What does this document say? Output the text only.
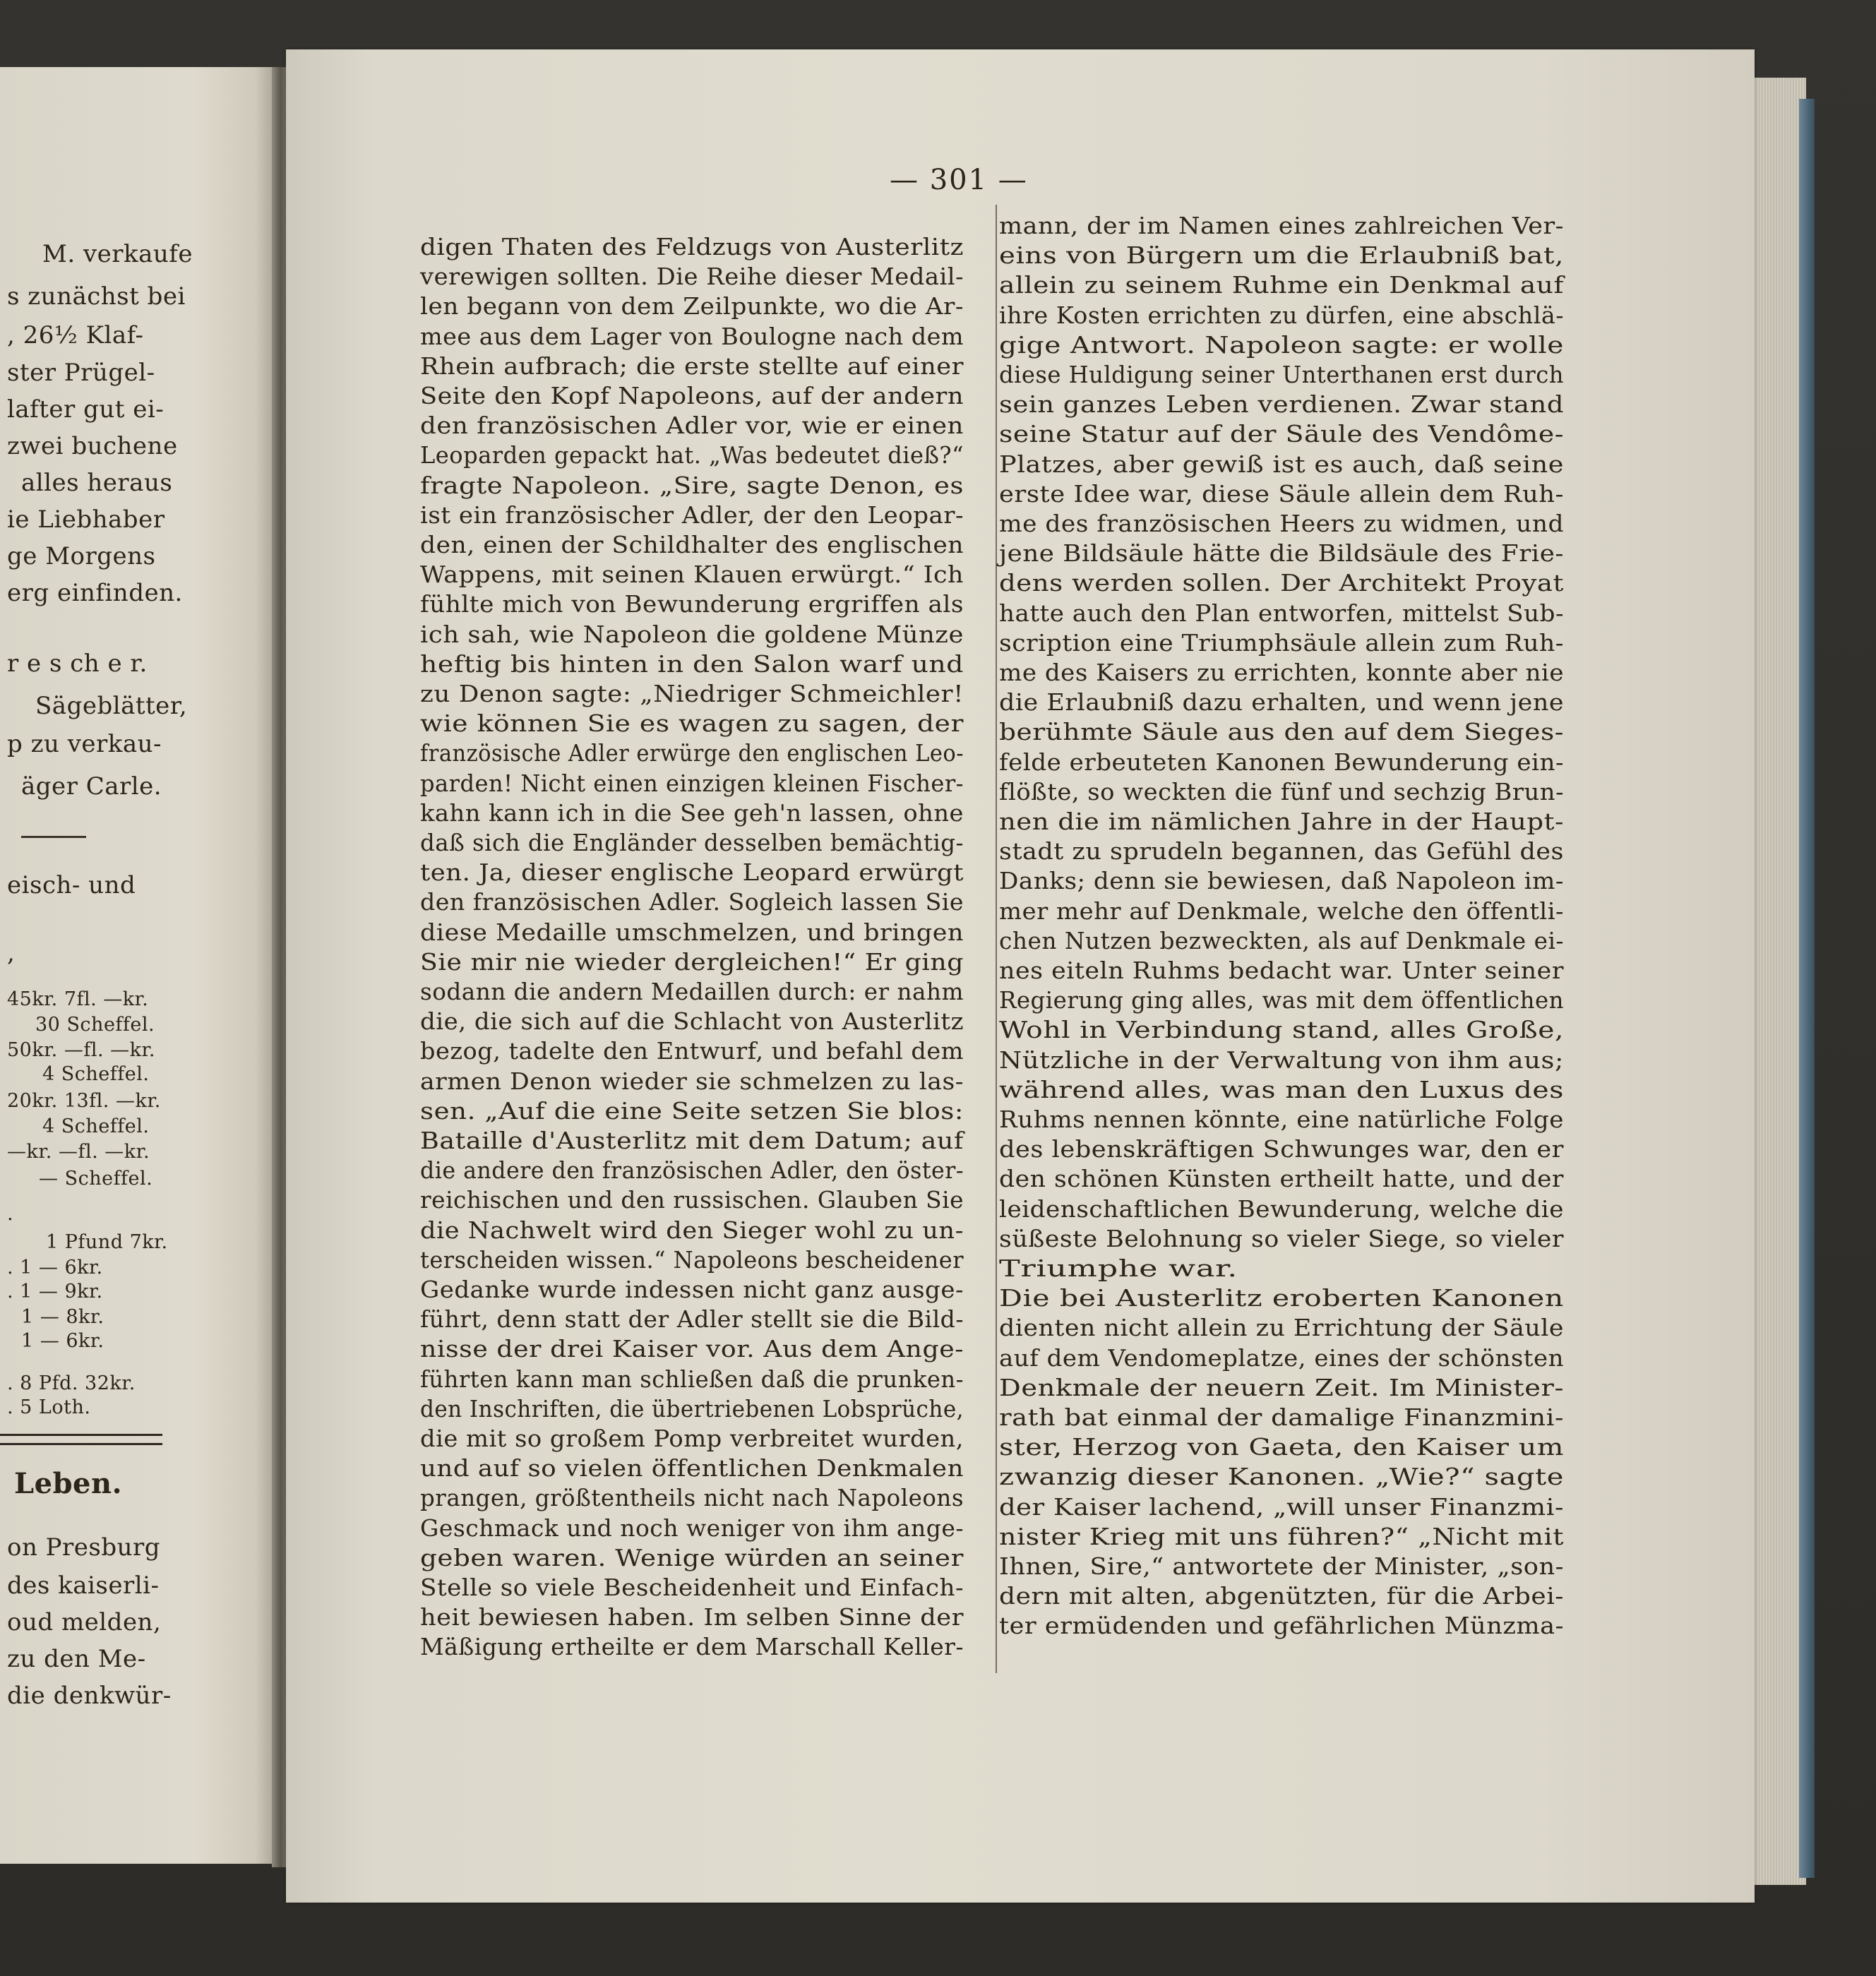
— 301 —
M. verkaufe
s zunächst bei
, 26½ Klaf-
ster Prügel-
lafter gut ei-
zwei buchene
alles heraus
ie Liebhaber
ge Morgens
erg einfinden.
r e s ch e r.
Sägeblätter,
p zu verkau-
äger Carle.
eisch- und
,
45kr. 7fl. —kr.
30 Scheffel.
50kr. —fl. —kr.
4 Scheffel.
20kr. 13fl. —kr.
4 Scheffel.
—kr. —fl. —kr.
— Scheffel.
.
1 Pfund 7kr.
. 1 — 6kr.
. 1 — 9kr.
1 — 8kr.
1 — 6kr.
. 8 Pfd. 32kr.
. 5 Loth.
Leben.
on Presburg
des kaiserli-
oud melden,
zu den Me-
die denkwür-
digen Thaten des Feldzugs von Austerlitz
verewigen sollten. Die Reihe dieser Medail-
len begann von dem Zeilpunkte, wo die Ar-
mee aus dem Lager von Boulogne nach dem
Rhein aufbrach; die erste stellte auf einer
Seite den Kopf Napoleons, auf der andern
den französischen Adler vor, wie er einen
Leoparden gepackt hat. „Was bedeutet dieß?“
fragte Napoleon. „Sire, sagte Denon, es
ist ein französischer Adler, der den Leopar-
den, einen der Schildhalter des englischen
Wappens, mit seinen Klauen erwürgt.“ Ich
fühlte mich von Bewunderung ergriffen als
ich sah, wie Napoleon die goldene Münze
heftig bis hinten in den Salon warf und
zu Denon sagte: „Niedriger Schmeichler!
wie können Sie es wagen zu sagen, der
französische Adler erwürge den englischen Leo-
parden! Nicht einen einzigen kleinen Fischer-
kahn kann ich in die See geh'n lassen, ohne
daß sich die Engländer desselben bemächtig-
ten. Ja, dieser englische Leopard erwürgt
den französischen Adler. Sogleich lassen Sie
diese Medaille umschmelzen, und bringen
Sie mir nie wieder dergleichen!“ Er ging
sodann die andern Medaillen durch: er nahm
die, die sich auf die Schlacht von Austerlitz
bezog, tadelte den Entwurf, und befahl dem
armen Denon wieder sie schmelzen zu las-
sen. „Auf die eine Seite setzen Sie blos:
Bataille d'Austerlitz mit dem Datum; auf
die andere den französischen Adler, den öster-
reichischen und den russischen. Glauben Sie
die Nachwelt wird den Sieger wohl zu un-
terscheiden wissen.“ Napoleons bescheidener
Gedanke wurde indessen nicht ganz ausge-
führt, denn statt der Adler stellt sie die Bild-
nisse der drei Kaiser vor. Aus dem Ange-
führten kann man schließen daß die prunken-
den Inschriften, die übertriebenen Lobsprüche,
die mit so großem Pomp verbreitet wurden,
und auf so vielen öffentlichen Denkmalen
prangen, größtentheils nicht nach Napoleons
Geschmack und noch weniger von ihm ange-
geben waren. Wenige würden an seiner
Stelle so viele Bescheidenheit und Einfach-
heit bewiesen haben. Im selben Sinne der
Mäßigung ertheilte er dem Marschall Keller-
mann, der im Namen eines zahlreichen Ver-
eins von Bürgern um die Erlaubniß bat,
allein zu seinem Ruhme ein Denkmal auf
ihre Kosten errichten zu dürfen, eine abschlä-
gige Antwort. Napoleon sagte: er wolle
diese Huldigung seiner Unterthanen erst durch
sein ganzes Leben verdienen. Zwar stand
seine Statur auf der Säule des Vendôme-
Platzes, aber gewiß ist es auch, daß seine
erste Idee war, diese Säule allein dem Ruh-
me des französischen Heers zu widmen, und
jene Bildsäule hätte die Bildsäule des Frie-
dens werden sollen. Der Architekt Proyat
hatte auch den Plan entworfen, mittelst Sub-
scription eine Triumphsäule allein zum Ruh-
me des Kaisers zu errichten, konnte aber nie
die Erlaubniß dazu erhalten, und wenn jene
berühmte Säule aus den auf dem Sieges-
felde erbeuteten Kanonen Bewunderung ein-
flößte, so weckten die fünf und sechzig Brun-
nen die im nämlichen Jahre in der Haupt-
stadt zu sprudeln begannen, das Gefühl des
Danks; denn sie bewiesen, daß Napoleon im-
mer mehr auf Denkmale, welche den öffentli-
chen Nutzen bezweckten, als auf Denkmale ei-
nes eiteln Ruhms bedacht war. Unter seiner
Regierung ging alles, was mit dem öffentlichen
Wohl in Verbindung stand, alles Große,
Nützliche in der Verwaltung von ihm aus;
während alles, was man den Luxus des
Ruhms nennen könnte, eine natürliche Folge
des lebenskräftigen Schwunges war, den er
den schönen Künsten ertheilt hatte, und der
leidenschaftlichen Bewunderung, welche die
süßeste Belohnung so vieler Siege, so vieler
Triumphe war.
Die bei Austerlitz eroberten Kanonen
dienten nicht allein zu Errichtung der Säule
auf dem Vendomeplatze, eines der schönsten
Denkmale der neuern Zeit. Im Minister-
rath bat einmal der damalige Finanzmini-
ster, Herzog von Gaeta, den Kaiser um
zwanzig dieser Kanonen. „Wie?“ sagte
der Kaiser lachend, „will unser Finanzmi-
nister Krieg mit uns führen?“ „Nicht mit
Ihnen, Sire,“ antwortete der Minister, „son-
dern mit alten, abgenützten, für die Arbei-
ter ermüdenden und gefährlichen Münzma-
